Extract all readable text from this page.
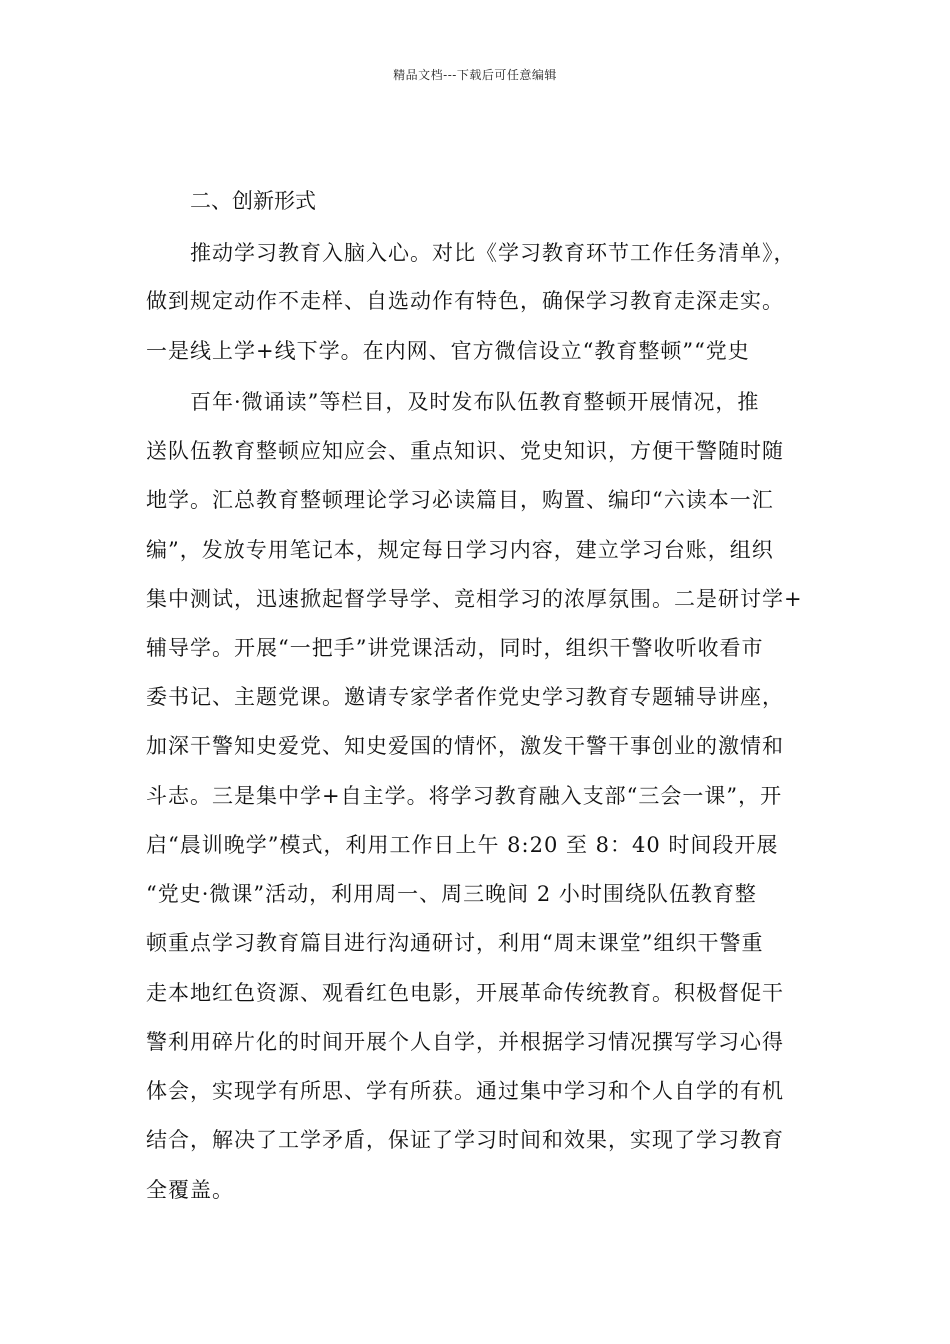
精品文档---下载后可任意编辑
二、创新形式
推动学习教育入脑入心。对比《学习教育环节工作任务清单》，
做到规定动作不走样、自选动作有特色，确保学习教育走深走实。
一是线上学+线下学。在内网、官方微信设立“教育整顿”“党史
百年·微诵读”等栏目，及时发布队伍教育整顿开展情况，推
送队伍教育整顿应知应会、重点知识、党史知识，方便干警随时随
地学。汇总教育整顿理论学习必读篇目，购置、编印“六读本一汇
编”，发放专用笔记本，规定每日学习内容，建立学习台账，组织
集中测试，迅速掀起督学导学、竞相学习的浓厚氛围。二是研讨学+
辅导学。开展“一把手”讲党课活动，同时，组织干警收听收看市
委书记、主题党课。邀请专家学者作党史学习教育专题辅导讲座，
加深干警知史爱党、知史爱国的情怀，激发干警干事创业的激情和
斗志。三是集中学+自主学。将学习教育融入支部“三会一课”，开
启“晨训晚学”模式，利用工作日上午 8:20 至 8：40 时间段开展
“党史·微课”活动，利用周一、周三晚间 2 小时围绕队伍教育整
顿重点学习教育篇目进行沟通研讨，利用“周末课堂”组织干警重
走本地红色资源、观看红色电影，开展革命传统教育。积极督促干
警利用碎片化的时间开展个人自学，并根据学习情况撰写学习心得
体会，实现学有所思、学有所获。通过集中学习和个人自学的有机
结合，解决了工学矛盾，保证了学习时间和效果，实现了学习教育
全覆盖。
